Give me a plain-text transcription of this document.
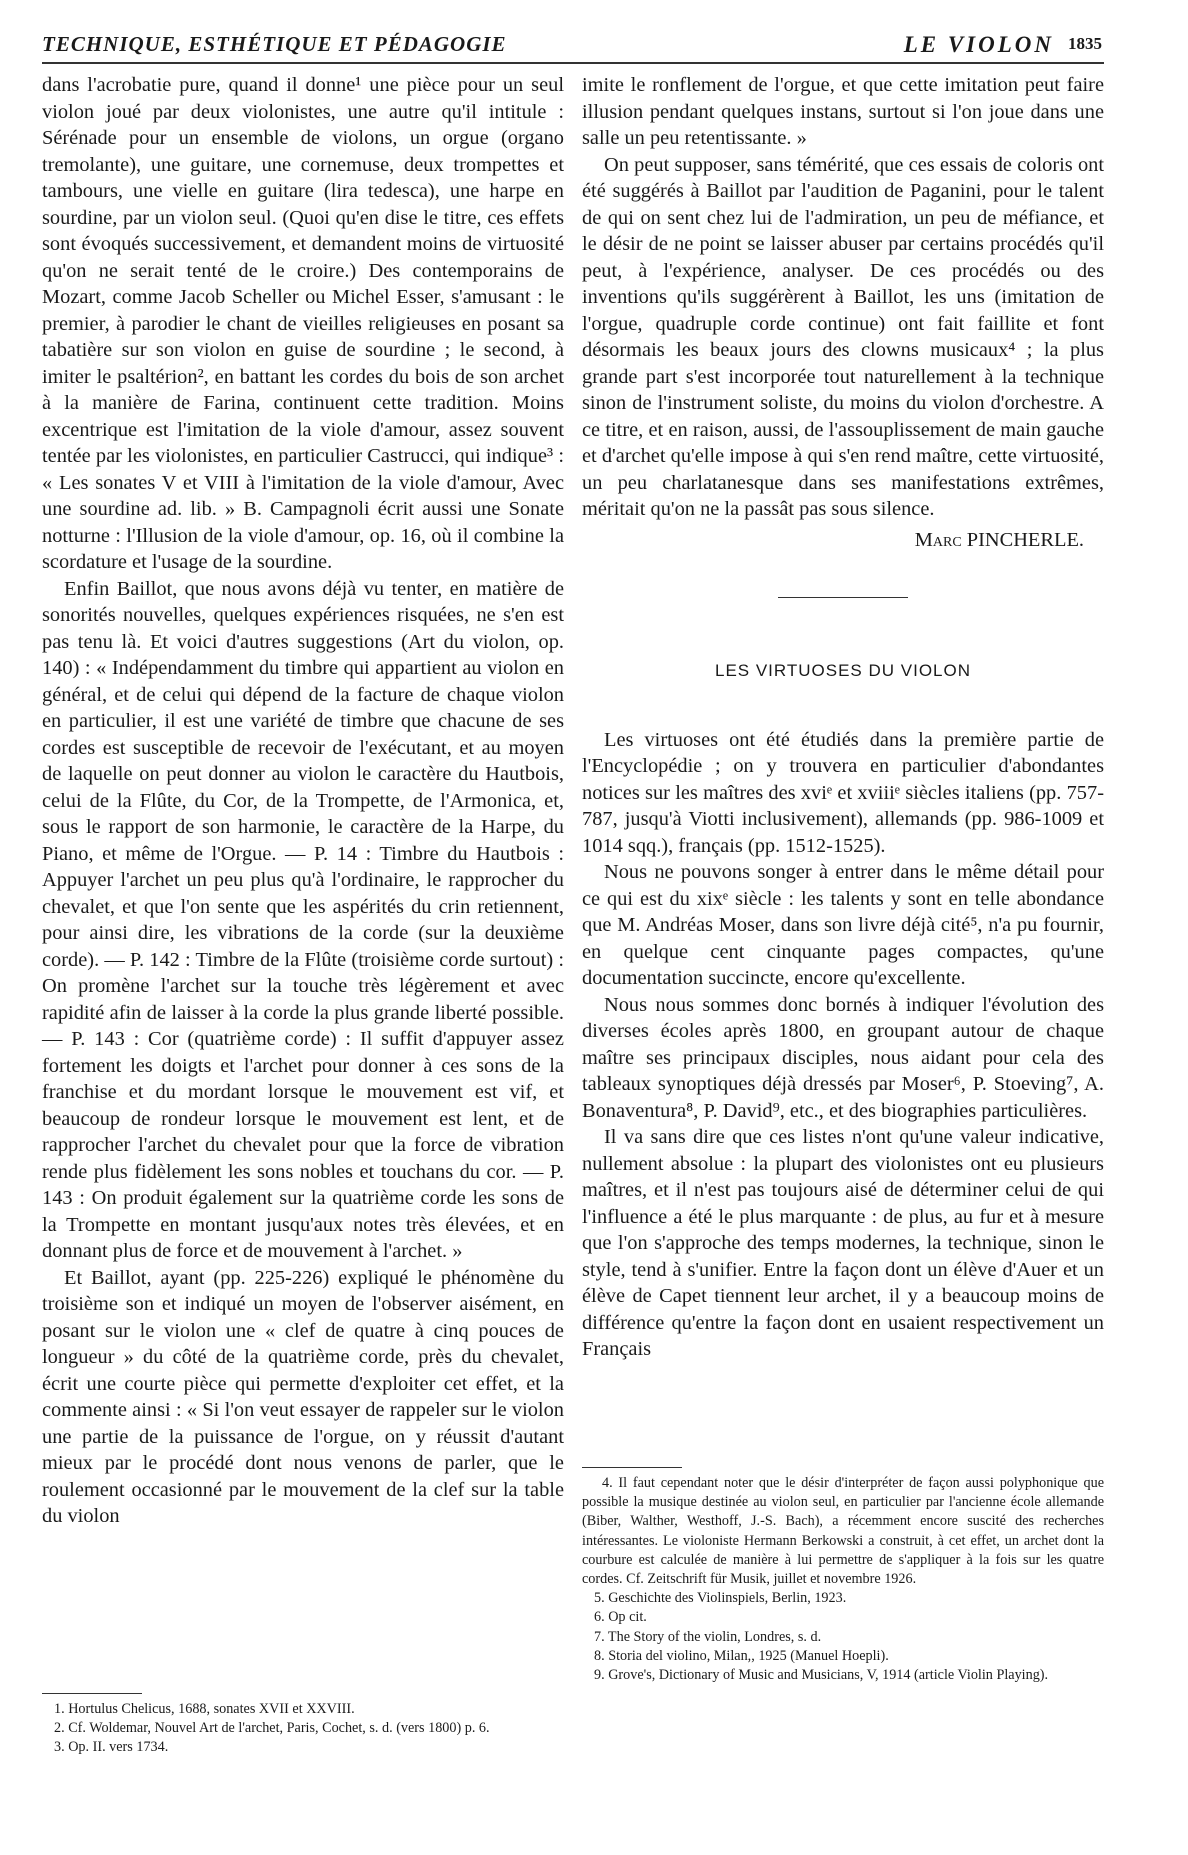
TECHNIQUE, ESTHÉTIQUE ET PÉDAGOGIE	LE VIOLON 1835

dans l'acrobatie pure, quand il donne¹ une pièce pour un seul violon joué par deux violonistes, une autre qu'il intitule : Sérénade pour un ensemble de violons, un orgue (organo tremolante), une guitare, une cornemuse, deux trompettes et tambours, une vielle en guitare (lira tedesca), une harpe en sourdine, par un violon seul. (Quoi qu'en dise le titre, ces effets sont évoqués successivement, et demandent moins de virtuosité qu'on ne serait tenté de le croire.) Des contemporains de Mozart, comme Jacob Scheller ou Michel Esser, s'amusant : le premier, à parodier le chant de vieilles religieuses en posant sa tabatière sur son violon en guise de sourdine ; le second, à imiter le psaltérion², en battant les cordes du bois de son archet à la manière de Farina, continuent cette tradition. Moins excentrique est l'imitation de la viole d'amour, assez souvent tentée par les violonistes, en particulier Castrucci, qui indique³ : « Les sonates V et VIII à l'imitation de la viole d'amour, Avec une sourdine ad. lib. » B. Campagnoli écrit aussi une Sonate notturne : l'Illusion de la viole d'amour, op. 16, où il combine la scordature et l'usage de la sourdine.

Enfin Baillot, que nous avons déjà vu tenter, en matière de sonorités nouvelles, quelques expériences risquées, ne s'en est pas tenu là. Et voici d'autres suggestions (Art du violon, op. 140) : « Indépendamment du timbre qui appartient au violon en général, et de celui qui dépend de la facture de chaque violon en particulier, il est une variété de timbre que chacune de ses cordes est susceptible de recevoir de l'exécutant, et au moyen de laquelle on peut donner au violon le caractère du Hautbois, celui de la Flûte, du Cor, de la Trompette, de l'Armonica, et, sous le rapport de son harmonie, le caractère de la Harpe, du Piano, et même de l'Orgue. — P. 14 : Timbre du Hautbois : Appuyer l'archet un peu plus qu'à l'ordinaire, le rapprocher du chevalet, et que l'on sente que les aspérités du crin retiennent, pour ainsi dire, les vibrations de la corde (sur la deuxième corde). — P. 142 : Timbre de la Flûte (troisième corde surtout) : On promène l'archet sur la touche très légèrement et avec rapidité afin de laisser à la corde la plus grande liberté possible. — P. 143 : Cor (quatrième corde) : Il suffit d'appuyer assez fortement les doigts et l'archet pour donner à ces sons de la franchise et du mordant lorsque le mouvement est vif, et beaucoup de rondeur lorsque le mouvement est lent, et de rapprocher l'archet du chevalet pour que la force de vibration rende plus fidèlement les sons nobles et touchans du cor. — P. 143 : On produit également sur la quatrième corde les sons de la Trompette en montant jusqu'aux notes très élevées, et en donnant plus de force et de mouvement à l'archet. »

Et Baillot, ayant (pp. 225-226) expliqué le phénomène du troisième son et indiqué un moyen de l'observer aisément, en posant sur le violon une « clef de quatre à cinq pouces de longueur » du côté de la quatrième corde, près du chevalet, écrit une courte pièce qui permette d'exploiter cet effet, et la commente ainsi : « Si l'on veut essayer de rappeler sur le violon une partie de la puissance de l'orgue, on y réussit d'autant mieux par le procédé dont nous venons de parler, que le roulement occasionné par le mouvement de la clef sur la table du violon

imite le ronflement de l'orgue, et que cette imitation peut faire illusion pendant quelques instans, surtout si l'on joue dans une salle un peu retentissante. »

On peut supposer, sans témérité, que ces essais de coloris ont été suggérés à Baillot par l'audition de Paganini, pour le talent de qui on sent chez lui de l'admiration, un peu de méfiance, et le désir de ne point se laisser abuser par certains procédés qu'il peut, à l'expérience, analyser. De ces procédés ou des inventions qu'ils suggérèrent à Baillot, les uns (imitation de l'orgue, quadruple corde continue) ont fait faillite et font désormais les beaux jours des clowns musicaux⁴ ; la plus grande part s'est incorporée tout naturellement à la technique sinon de l'instrument soliste, du moins du violon d'orchestre. A ce titre, et en raison, aussi, de l'assouplissement de main gauche et d'archet qu'elle impose à qui s'en rend maître, cette virtuosité, un peu charlatanesque dans ses manifestations extrêmes, méritait qu'on ne la passât pas sous silence.

Marc PINCHERLE.

LES VIRTUOSES DU VIOLON

Les virtuoses ont été étudiés dans la première partie de l'Encyclopédie ; on y trouvera en particulier d'abondantes notices sur les maîtres des xviᵉ et xviiiᵉ siècles italiens (pp. 757-787, jusqu'à Viotti inclusivement), allemands (pp. 986-1009 et 1014 sqq.), français (pp. 1512-1525).

Nous ne pouvons songer à entrer dans le même détail pour ce qui est du xixᵉ siècle : les talents y sont en telle abondance que M. Andréas Moser, dans son livre déjà cité⁵, n'a pu fournir, en quelque cent cinquante pages compactes, qu'une documentation succincte, encore qu'excellente.

Nous nous sommes donc bornés à indiquer l'évolution des diverses écoles après 1800, en groupant autour de chaque maître ses principaux disciples, nous aidant pour cela des tableaux synoptiques déjà dressés par Moser⁶, P. Stoeving⁷, A. Bonaventura⁸, P. David⁹, etc., et des biographies particulières.

Il va sans dire que ces listes n'ont qu'une valeur indicative, nullement absolue : la plupart des violonistes ont eu plusieurs maîtres, et il n'est pas toujours aisé de déterminer celui de qui l'influence a été le plus marquante : de plus, au fur et à mesure que l'on s'approche des temps modernes, la technique, sinon le style, tend à s'unifier. Entre la façon dont un élève d'Auer et un élève de Capet tiennent leur archet, il y a beaucoup moins de différence qu'entre la façon dont en usaient respectivement un Français

1. Hortulus Chelicus, 1688, sonates XVII et XXVIII.

2. Cf. Woldemar, Nouvel Art de l'archet, Paris, Cochet, s. d. (vers 1800) p. 6.

3. Op. II. vers 1734.

4. Il faut cependant noter que le désir d'interpréter de façon aussi polyphonique que possible la musique destinée au violon seul, en particulier par l'ancienne école allemande (Biber, Walther, Westhoff, J.-S. Bach), a récemment encore suscité des recherches intéressantes. Le violoniste Hermann Berkowski a construit, à cet effet, un archet dont la courbure est calculée de manière à lui permettre de s'appliquer à la fois sur les quatre cordes. Cf. Zeitschrift für Musik, juillet et novembre 1926.

5. Geschichte des Violinspiels, Berlin, 1923.

6. Op cit.

7. The Story of the violin, Londres, s. d.

8. Storia del violino, Milan,, 1925 (Manuel Hoepli).

9. Grove's, Dictionary of Music and Musicians, V, 1914 (article Violin Playing).
